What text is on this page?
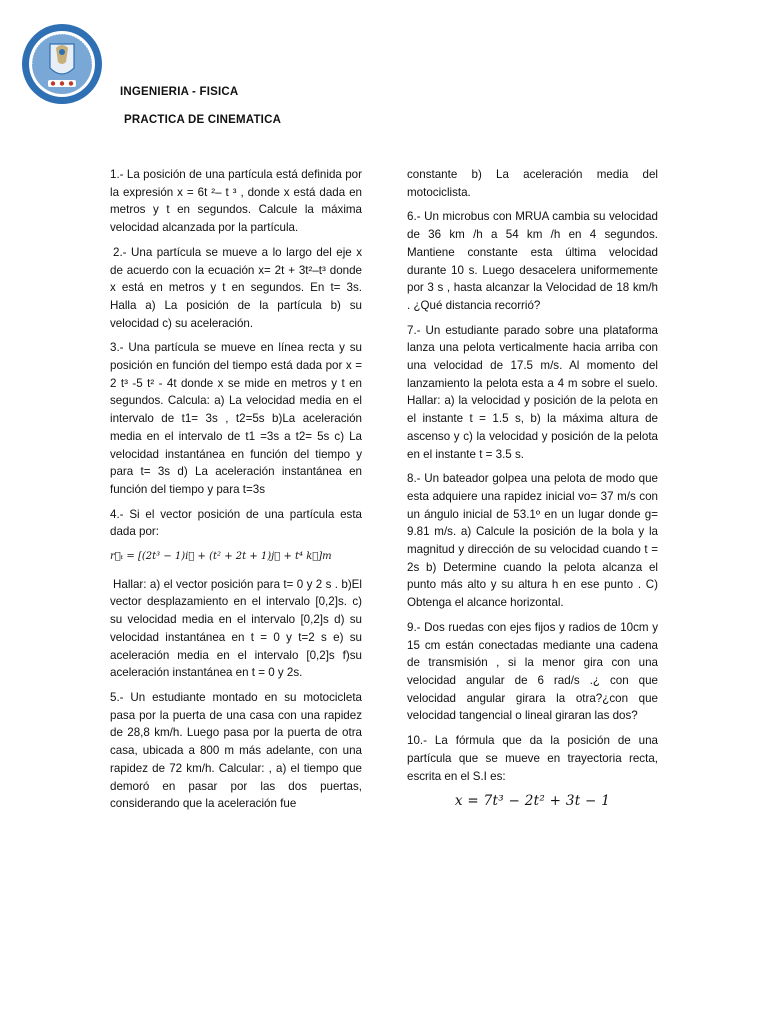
INGENIERIA - FISICA
PRACTICA DE CINEMATICA

1.- La posición de una partícula está definida por la expresión x = 6t ²– t ³ , donde x está dada en metros y t en segundos. Calcule la máxima velocidad alcanzada por la partícula.

2.- Una partícula se mueve a lo largo del eje x de acuerdo con la ecuación x= 2t + 3t²–t³ donde x está en metros y t en segundos. En t= 3s. Halla a) La posición de la partícula b) su velocidad c) su aceleración.

3.- Una partícula se mueve en línea recta y su posición en función del tiempo está dada por x = 2 t³ -5 t² - 4t donde x se mide en metros y t en segundos. Calcula: a) La velocidad media en el intervalo de t1= 3s , t2=5s b)La aceleración media en el intervalo de t1 =3s a t2= 5s c) La velocidad instantánea en función del tiempo y para t= 3s d) La aceleración instantánea en función del tiempo y para t=3s

4.- Si el vector posición de una partícula esta dada por:

r⃗ₜ = [(2t³ − 1)i⃗ + (t² + 2t + 1)j⃗ + t⁴ k⃗]m

Hallar: a) el vector posición para t= 0 y 2 s . b)El vector desplazamiento en el intervalo [0,2]s. c) su velocidad media en el intervalo [0,2]s d) su velocidad instantánea en t = 0 y t=2 s e) su aceleración media en el intervalo [0,2]s f)su aceleración instantánea en t = 0 y 2s.

5.- Un estudiante montado en su motocicleta pasa por la puerta de una casa con una rapidez de 28,8 km/h. Luego pasa por la puerta de otra casa, ubicada a 800 m más adelante, con una rapidez de 72 km/h. Calcular: , a) el tiempo que demoró en pasar por las dos puertas, considerando que la aceleración fue

constante b) La aceleración media del motociclista.

6.- Un microbus con MRUA cambia su velocidad de 36 km /h a 54 km /h en 4 segundos. Mantiene constante esta última velocidad durante 10 s. Luego desacelera uniformemente por 3 s , hasta alcanzar la Velocidad de 18 km/h . ¿Qué distancia recorrió?

7.- Un estudiante parado sobre una plataforma lanza una pelota verticalmente hacia arriba con una velocidad de 17.5 m/s. Al momento del lanzamiento la pelota esta a 4 m sobre el suelo. Hallar: a) la velocidad y posición de la pelota en el instante t = 1.5 s, b) la máxima altura de ascenso y c) la velocidad y posición de la pelota en el instante t = 3.5 s.

8.- Un bateador golpea una pelota de modo que esta adquiere una rapidez inicial vo= 37 m/s con un ángulo inicial de 53.1º en un lugar donde g= 9.81 m/s. a) Calcule la posición de la bola y la magnitud y dirección de su velocidad cuando t = 2s b) Determine cuando la pelota alcanza el punto más alto y su altura h en ese punto . C) Obtenga el alcance horizontal.

9.- Dos ruedas con ejes fijos y radios de 10cm y 15 cm están conectadas mediante una cadena de transmisión , si la menor gira con una velocidad angular de 6 rad/s .¿ con que velocidad angular girara la otra?¿con que velocidad tangencial o lineal giraran las dos?

10.- La fórmula que da la posición de una partícula que se mueve en trayectoria recta, escrita en el S.I es:

x = 7t³ − 2t² + 3t − 1
